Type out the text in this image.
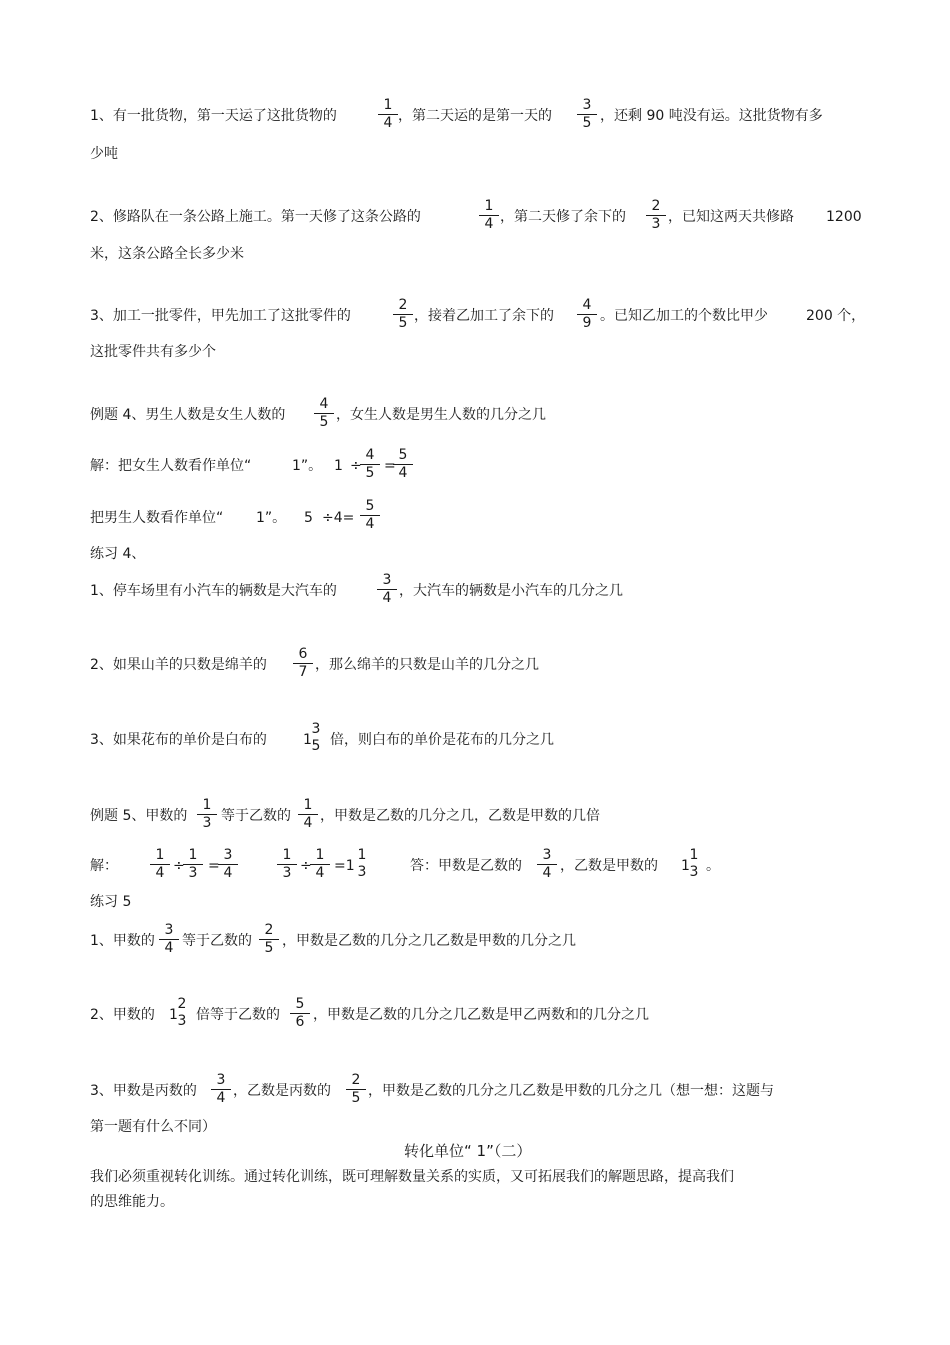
1、有一批货物，第一天运了这批货物的
1
4 ，第二天运的是第一天的
3
5 ，还剩 90 吨没有运。这批货物有多
少吨
2、修路队在一条公路上施工。第一天修了这条公路的
1
4 ，第二天修了余下的
2
3 ，已知这两天共修路 1200
米，这条公路全长多少米
3、加工一批零件，甲先加工了这批零件的
2
5 ，接着乙加工了余下的
4
9 。已知乙加工的个数比甲少	200 个，
这批零件共有多少个
例题 4、男生人数是女生人数的
4
5 ，女生人数是男生人数的几分之几
解：把女生人数看作单位“	1”。 1 ÷
4
5 =
5
4
把男生人数看作单位“ 1”。 5 ÷4=
5
4
练习 4、
1、停车场里有小汽车的辆数是大汽车的
3
4 ，大汽车的辆数是小汽车的几分之几
2、如果山羊的只数是绵羊的
6
7 ，那么绵羊的只数是山羊的几分之几
3、如果花布的单价是白布的	1
3
5 倍，则白布的单价是花布的几分之几
例题 5、甲数的
1
3 等于乙数的
1
4 ，甲数是乙数的几分之几，乙数是甲数的几倍
解：
1
4 ÷
1
3 =
3
4
1
3 ÷
1
4 =1
1
3	答：甲数是乙数的
3
4 ，乙数是甲数的 1
1
3 。
练习 5
1、甲数的
3
4 等于乙数的
2
5 ，甲数是乙数的几分之几乙数是甲数的几分之几
2、甲数的 1
2
3 倍等于乙数的
5
6 ，甲数是乙数的几分之几乙数是甲乙两数和的几分之几
3、甲数是丙数的
3
4 ，乙数是丙数的
2
5 ，甲数是乙数的几分之几乙数是甲数的几分之几（想一想：这题与
第一题有什么不同）
转化单位“ 1”（二）
我们必须重视转化训练。通过转化训练，既可理解数量关系的实质，又可拓展我们的解题思路，提高我们
的思维能力。
